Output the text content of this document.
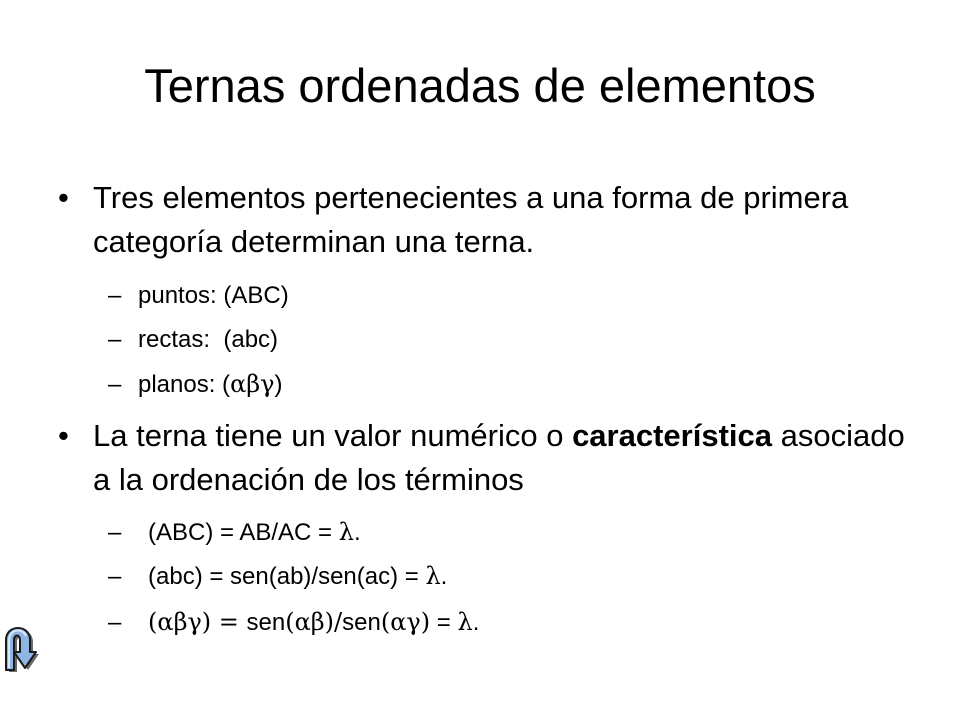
Ternas ordenadas de elementos
• Tres elementos pertenecientes a una forma de primera categoría determinan una terna.
– puntos: (ABC)
– rectas:  (abc)
– planos: (αβγ)
• La terna tiene un valor numérico o característica asociado a la ordenación de los términos
– (ABC) = AB/AC = λ.
– (abc) = sen(ab)/sen(ac) = λ.
– (αβγ) = sen(αβ)/sen(αγ) = λ.
